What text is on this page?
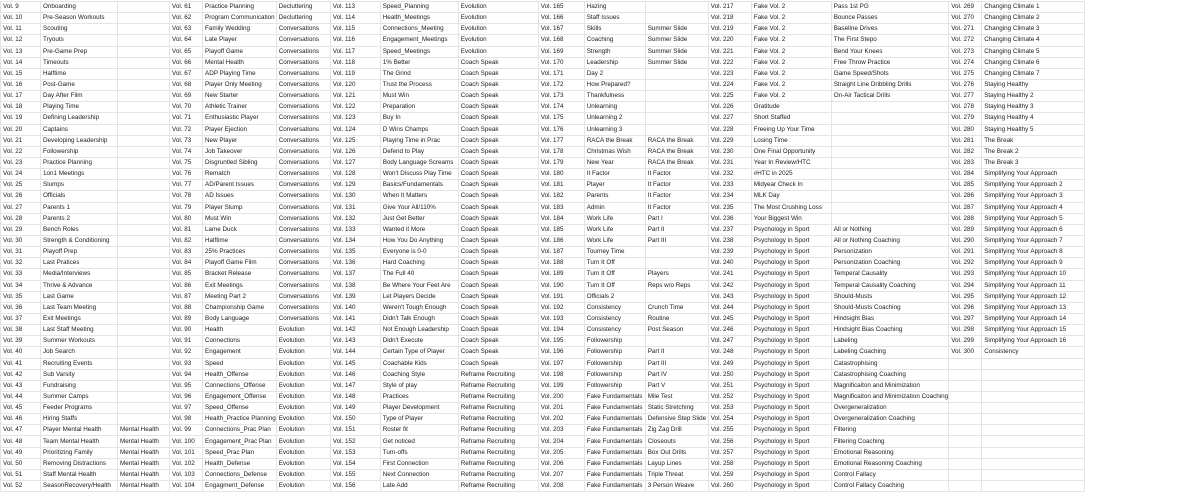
Vol. 9	Onboarding		Vol. 61	Practice Planning	Decluttering	Vol. 113	Speed_Planning	Evolution	Vol. 165	Hazing		Vol. 217	Fake Vol. 2	Pass 1st PG	Vol. 269	Changing Climate 1
Vol. 10	Pre-Season Workouts		Vol. 62	Program Communication	Decluttering	Vol. 114	Health_Meetings	Evolution	Vol. 166	Staff Issues		Vol. 218	Fake Vol. 2	Bounce Passes	Vol. 270	Changing Climate 2
Vol. 11	Scouting		Vol. 63	Family Wedding	Conversations	Vol. 115	Connections_Meeting	Evolution	Vol. 167	Skills	Summer Slide	Vol. 219	Fake Vol. 2	Baseline Drives	Vol. 271	Changing Climate 3
Vol. 12	Tryouts		Vol. 64	Late Player	Conversations	Vol. 116	Engagement_Meetings	Evolution	Vol. 168	Coaching	Summer Slide	Vol. 220	Fake Vol. 2	The First Stepo	Vol. 272	Changing Climate 4
Vol. 13	Pre-Game Prep		Vol. 65	Playoff Game	Conversations	Vol. 117	Speed_Meetings	Evolution	Vol. 169	Strength	Summer Slide	Vol. 221	Fake Vol. 2	Bend Your Knees	Vol. 273	Changing Climate 5
Vol. 14	Timeouts		Vol. 66	Mental Health	Conversations	Vol. 118	1% Better	Coach Speak	Vol. 170	Leadership	Summer Slide	Vol. 222	Fake Vol. 2	Free Throw Practice	Vol. 274	Changing Climate 6
Vol. 15	Halftime		Vol. 67	ADP Playing Time	Conversations	Vol. 119	The Grind	Coach Speak	Vol. 171	Day 2		Vol. 223	Fake Vol. 2	Game Speed/Shots	Vol. 275	Changing Climate 7
Vol. 16	Post-Game		Vol. 68	Player Only Meeting	Conversations	Vol. 120	Trust the Process	Coach Speak	Vol. 172	How Prepared?		Vol. 224	Fake Vol. 2	Straight Line Dribbling Drills	Vol. 276	Staying Healthy
Vol. 17	Day After Film		Vol. 69	New Starter	Conversations	Vol. 121	Must Win	Coach Speak	Vol. 173	Thankfulness		Vol. 225	Fake Vol. 2	On-Air Tactical Drills	Vol. 277	Staying Healthy 2
Vol. 18	Playing Time		Vol. 70	Athletic Trainer	Conversations	Vol. 122	Preparation	Coach Speak	Vol. 174	Unlearning		Vol. 226	Gratitude		Vol. 278	Staying Healthy 3
Vol. 19	Defining Leadership		Vol. 71	Enthusiastic Player	Conversations	Vol. 123	Buy In	Coach Speak	Vol. 175	Unlearning 2		Vol. 227	Short Staffed		Vol. 279	Staying Healthy 4
Vol. 20	Captains		Vol. 72	Player Ejection	Conversations	Vol. 124	D Wins Champs	Coach Speak	Vol. 176	Unlearning 3		Vol. 228	Freeing Up Your Time		Vol. 280	Staying Healthy 5
Vol. 21	Developing Leadership		Vol. 73	New Player	Conversations	Vol. 125	Playing Time in Prac	Coach Speak	Vol. 177	RACA the Break	RACA the Break	Vol. 229	Losing Time		Vol. 281	The Break
Vol. 22	Followership		Vol. 74	Job Takeover	Conversations	Vol. 126	Defend to Play	Coach Speak	Vol. 178	Christmas Wish	RACA the Break	Vol. 230	One Final Opportunity		Vol. 282	The Break 2
Vol. 23	Practice Planning		Vol. 75	Disgruntled Sibling	Conversations	Vol. 127	Body Language Screams	Coach Speak	Vol. 179	New Year	RACA the Break	Vol. 231	Year In Review/HTC		Vol. 283	The Break 3
Vol. 24	1on1 Meetings		Vol. 76	Rematch	Conversations	Vol. 128	Won't Discuss Play Time	Coach Speak	Vol. 180	It Factor	It Factor	Vol. 232	#HTC in 2025		Vol. 284	Simplifying Your Approach
Vol. 25	Slumps		Vol. 77	AD/Parent Issues	Conversations	Vol. 129	Basics/Fundamentals	Coach Speak	Vol. 181	Player	It Factor	Vol. 233	Midyear Check In		Vol. 285	Simplifying Your Approach 2
Vol. 26	Officials		Vol. 78	AD Issues	Conversations	Vol. 130	When It Matters	Coach Speak	Vol. 182	Parents	It Factor	Vol. 234	MLK Day		Vol. 286	Simplifying Your Approach 3
Vol. 27	Parents 1		Vol. 79	Player Slump	Conversations	Vol. 131	Give Your All/110%	Coach Speak	Vol. 183	Admin	It Factor	Vol. 235	The Most Crushing Loss		Vol. 287	Simplifying Your Approach 4
Vol. 28	Parents 2		Vol. 80	Must Win	Conversations	Vol. 132	Just Get Better	Coach Speak	Vol. 184	Work Life	Part I	Vol. 236	Your Biggest Win		Vol. 288	Simplifying Your Approach 5
Vol. 29	Bench Roles		Vol. 81	Lame Duck	Conversations	Vol. 133	Wanted it More	Coach Speak	Vol. 185	Work Life	Part II	Vol. 237	Psychology in Sport	All or Nothing	Vol. 289	Simplifying Your Approach 6
Vol. 30	Strength & Conditioning		Vol. 82	Halftime	Conversations	Vol. 134	How You Do Anything	Coach Speak	Vol. 186	Work Life	Part III	Vol. 238	Psychology in Sport	All or Nothing Coaching	Vol. 290	Simplifying Your Approach 7
Vol. 31	Playoff Prep		Vol. 83	25% Practices	Conversations	Vol. 135	Everyone is 0-0	Coach Speak	Vol. 187	Tourney Time		Vol. 239	Psychology in Sport	Personization	Vol. 291	Simplifying Your Approach 8
Vol. 32	Last Pratices		Vol. 84	Playoff Game Film	Conversations	Vol. 136	Hard Coaching	Coach Speak	Vol. 188	Turn It Off		Vol. 240	Psychology in Sport	Personization Coaching	Vol. 292	Simplifying Your Approach 9
Vol. 33	Media/Interviews		Vol. 85	Bracket Release	Conversations	Vol. 137	The Full 40	Coach Speak	Vol. 189	Turn It Off	Players	Vol. 241	Psychology in Sport	Temperal Causality	Vol. 293	Simplifying Your Approach 10
Vol. 34	Thrive & Advance		Vol. 86	Exit Meetings	Conversations	Vol. 138	Be Where Your Feet Are	Coach Speak	Vol. 190	Turn It Off	Reps w/o Reps	Vol. 242	Psychology in Sport	Temperal Causality Coaching	Vol. 294	Simplifying Your Approach 11
Vol. 35	Last Game		Vol. 87	Meeting Part 2	Conversations	Vol. 139	Let Players Decide	Coach Speak	Vol. 191	Officials 2		Vol. 243	Psychology in Sport	Should-Musts	Vol. 295	Simplifying Your Approach 12
Vol. 36	Last Team Meeting		Vol. 88	Championship Game	Conversations	Vol. 140	Weren't Tough Enough	Coach Speak	Vol. 192	Consistency	Crunch Time	Vol. 244	Psychology in Sport	Should-Musts Coaching	Vol. 296	Simplifying Your Approach 13
Vol. 37	Exit Meetings		Vol. 89	Body Language	Conversations	Vol. 141	Didn't Talk Enough	Coach Speak	Vol. 193	Consistency	Routine	Vol. 245	Psychology in Sport	Hindsight Bias	Vol. 297	Simplifying Your Approach 14
Vol. 38	Last Staff Meeting		Vol. 90	Health	Evolution	Vol. 142	Not Enough Leadership	Coach Speak	Vol. 194	Consistency	Post Season	Vol. 246	Psychology in Sport	Hindsight Bias Coaching	Vol. 298	Simplifying Your Approach 15
Vol. 39	Summer Workouts		Vol. 91	Connections	Evolution	Vol. 143	Didn't Execute	Coach Speak	Vol. 195	Followership		Vol. 247	Psychology in Sport	Labeling	Vol. 299	Simplifying Your Approach 16
Vol. 40	Job Search		Vol. 92	Engagement	Evolution	Vol. 144	Certain Type of Player	Coach Speak	Vol. 196	Followership	Part II	Vol. 248	Psychology in Sport	Labeling Coaching	Vol. 300	Consistency
Vol. 41	Recruiting Events		Vol. 93	Speed	Evolution	Vol. 145	Coachable Kids	Coach Speak	Vol. 197	Followership	Part III	Vol. 249	Psychology in Sport	Catastrophising		
Vol. 42	Sub Varsity		Vol. 94	Health_Offense	Evolution	Vol. 146	Coaching Style	Reframe Recruiting	Vol. 198	Followership	Part IV	Vol. 250	Psychology in Sport	Catastrophising Coaching		
Vol. 43	Fundraising		Vol. 95	Connections_Offense	Evolution	Vol. 147	Style of play	Reframe Recruiting	Vol. 199	Followership	Part V	Vol. 251	Psychology in Sport	Magnificaiton and Minimization		
Vol. 44	Summer Camps		Vol. 96	Engagement_Offense	Evolution	Vol. 148	Practices	Reframe Recruiting	Vol. 200	Fake Fundamentals	Mile Test	Vol. 252	Psychology in Sport	Magnificaiton and Minimization Coaching		
Vol. 45	Feeder Programs		Vol. 97	Speed_Offense	Evolution	Vol. 149	Player Development	Reframe Recruiting	Vol. 201	Fake Fundamentals	Static Stretching	Vol. 253	Psychology in Sport	Overgeneralization		
Vol. 46	Hiring Staffs		Vol. 98	Health_Practice Planning	Evolution	Vol. 150	Type of Player	Reframe Recruiting	Vol. 202	Fake Fundamentals	Defensive Step Slide	Vol. 254	Psychology in Sport	Overgeneralization Coaching		
Vol. 47	Player Mental Health	Mental Health	Vol. 99	Connections_Prac Plan	Evolution	Vol. 151	Roster fit	Reframe Recruiting	Vol. 203	Fake Fundamentals	Zig Zag Drill	Vol. 255	Psychology in Sport	Filtering		
Vol. 48	Team Mental Health	Mental Health	Vol. 100	Engagement_Prac Plan	Evolution	Vol. 152	Get noticed	Reframe Recruiting	Vol. 204	Fake Fundamentals	Closeouts	Vol. 256	Psychology in Sport	Filtering Coaching		
Vol. 49	Prioritizing Family	Mental Health	Vol. 101	Speed_Prac Plan	Evolution	Vol. 153	Turn-offs	Reframe Recruiting	Vol. 205	Fake Fundamentals	Box Out Drills	Vol. 257	Psychology in Sport	Emotional Reasoning		
Vol. 50	Removing Distractions	Mental Health	Vol. 102	Health_Defense	Evolution	Vol. 154	First Connection	Reframe Recruiting	Vol. 206	Fake Fundamentals	Layup Lines	Vol. 258	Psychology in Sport	Emotional Reasoning Coaching		
Vol. 51	Staff Mental Health	Mental Health	Vol. 103	Connections_Defense	Evolution	Vol. 155	Next Connection	Reframe Recruiting	Vol. 207	Fake Fundamentals	Triple Threat	Vol. 259	Psychology in Sport	Control Fallacy		
Vol. 52	SeasonRecovery/Health	Mental Health	Vol. 104	Engagment_Defense	Evolution	Vol. 156	Late Add	Reframe Recruiting	Vol. 208	Fake Fundamentals	3 Person Weave	Vol. 260	Psychology in Sport	Control Fallacy Coaching		
